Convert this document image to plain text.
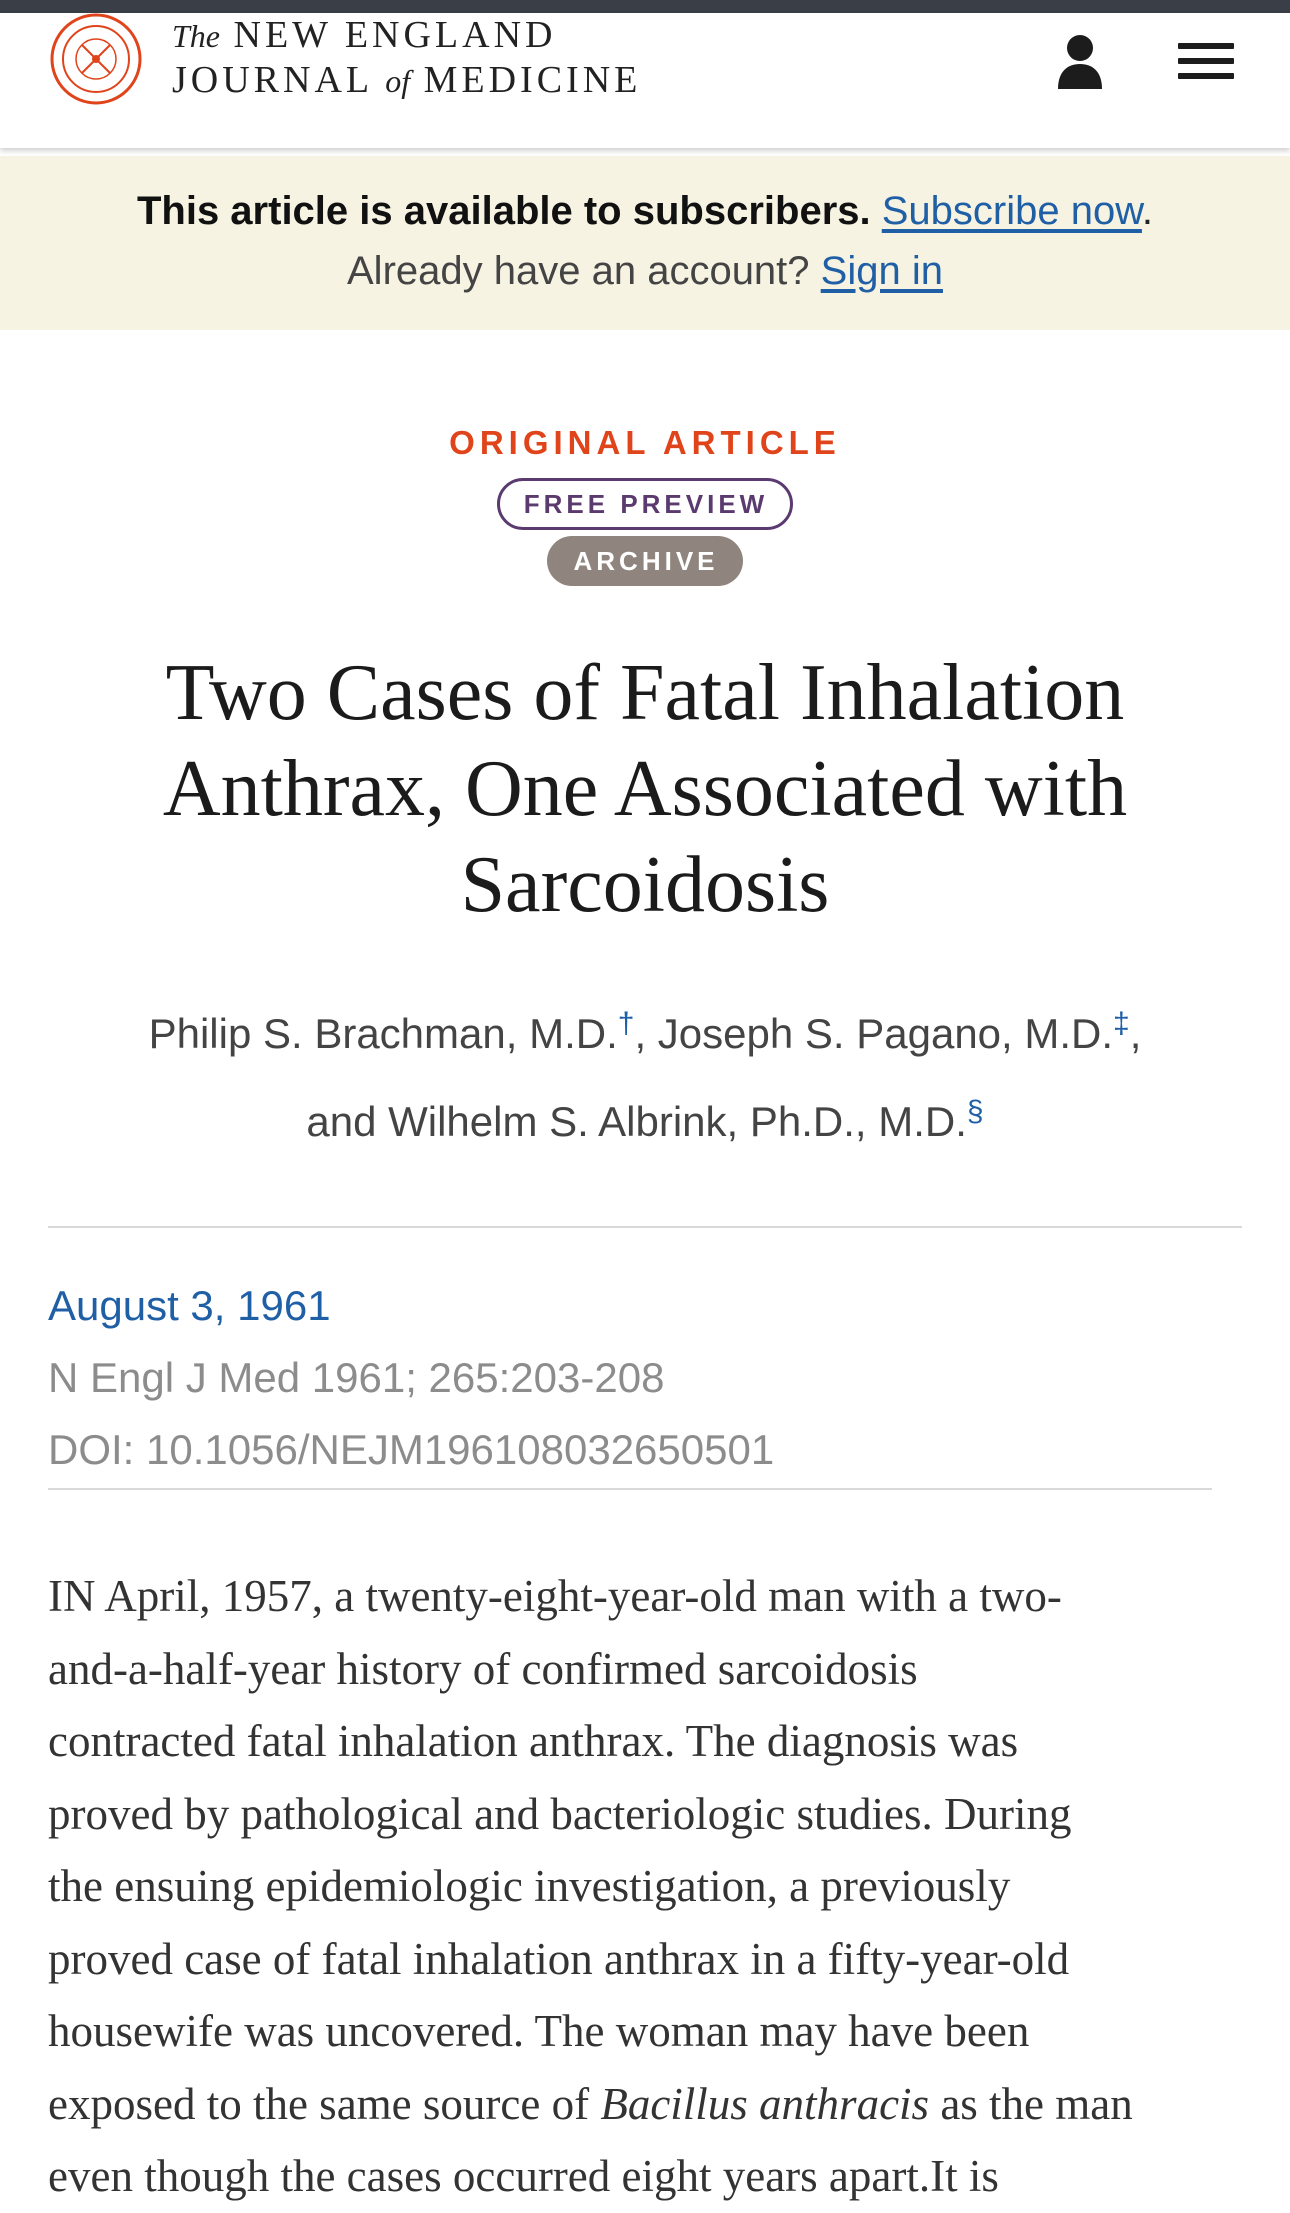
The NEW ENGLAND
JOURNAL of MEDICINE
This article is available to subscribers. Subscribe now.
Already have an account? Sign in
ORIGINAL ARTICLE
FREE PREVIEW
ARCHIVE
Two Cases of Fatal Inhalation
Anthrax, One Associated with
Sarcoidosis
Philip S. Brachman, M.D.†, Joseph S. Pagano, M.D.‡,
and Wilhelm S. Albrink, Ph.D., M.D.§
August 3, 1961
N Engl J Med 1961; 265:203-208
DOI: 10.1056/NEJM196108032650501
IN April, 1957, a twenty-eight-year-old man with a two-
and-a-half-year history of confirmed sarcoidosis
contracted fatal inhalation anthrax. The diagnosis was
proved by pathological and bacteriologic studies. During
the ensuing epidemiologic investigation, a previously
proved case of fatal inhalation anthrax in a fifty-year-old
housewife was uncovered. The woman may have been
exposed to the same source of Bacillus anthracis as the man
even though the cases occurred eight years apart.It is
